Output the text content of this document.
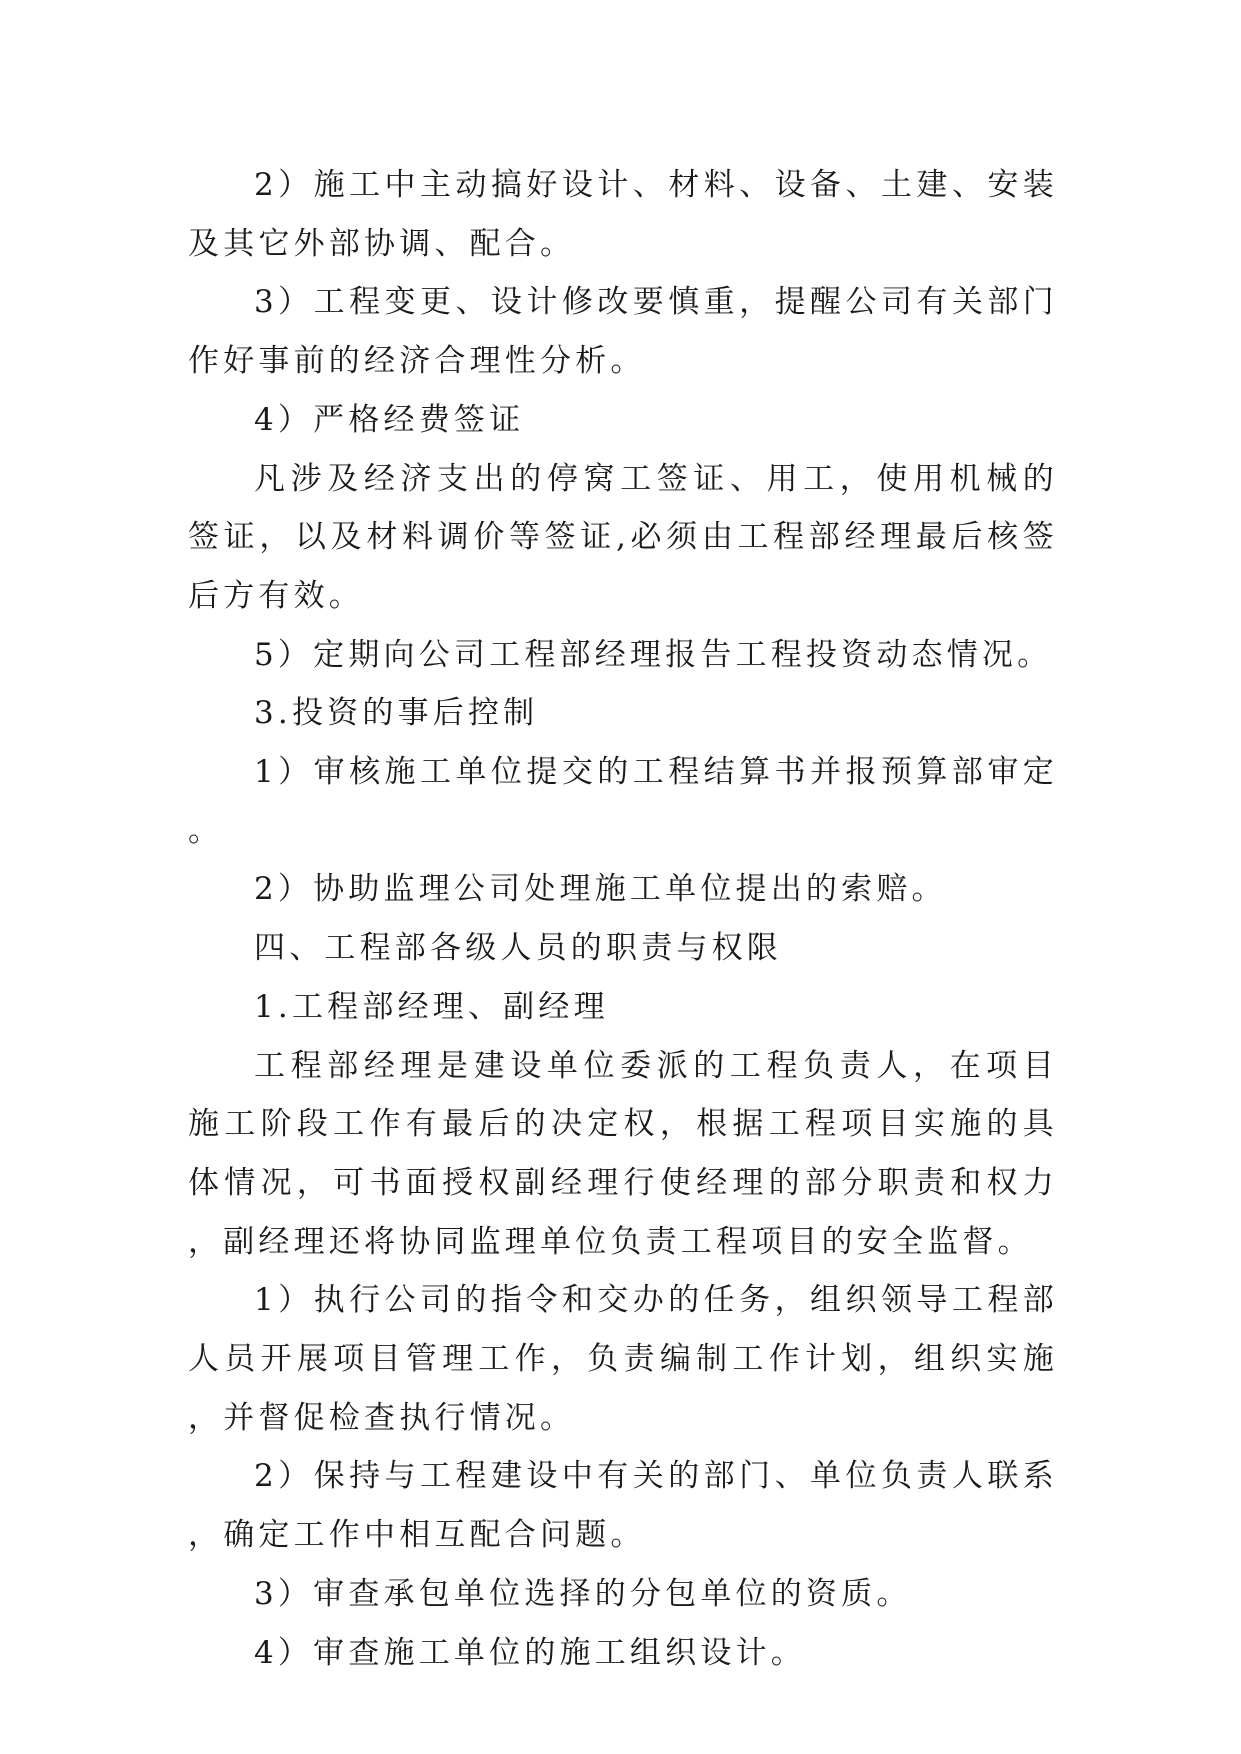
2）施工中主动搞好设计、材料、设备、土建、安装及其它外部协调、配合。

3）工程变更、设计修改要慎重，提醒公司有关部门作好事前的经济合理性分析。

4）严格经费签证

凡涉及经济支出的停窝工签证、用工，使用机械的签证，以及材料调价等签证,必须由工程部经理最后核签后方有效。

5）定期向公司工程部经理报告工程投资动态情况。

3.投资的事后控制

1）审核施工单位提交的工程结算书并报预算部审定。

2）协助监理公司处理施工单位提出的索赔。

四、工程部各级人员的职责与权限

1.工程部经理、副经理

工程部经理是建设单位委派的工程负责人，在项目施工阶段工作有最后的决定权，根据工程项目实施的具体情况，可书面授权副经理行使经理的部分职责和权力，副经理还将协同监理单位负责工程项目的安全监督。

1）执行公司的指令和交办的任务，组织领导工程部人员开展项目管理工作，负责编制工作计划，组织实施，并督促检查执行情况。

2）保持与工程建设中有关的部门、单位负责人联系，确定工作中相互配合问题。

3）审查承包单位选择的分包单位的资质。

4）审查施工单位的施工组织设计。
